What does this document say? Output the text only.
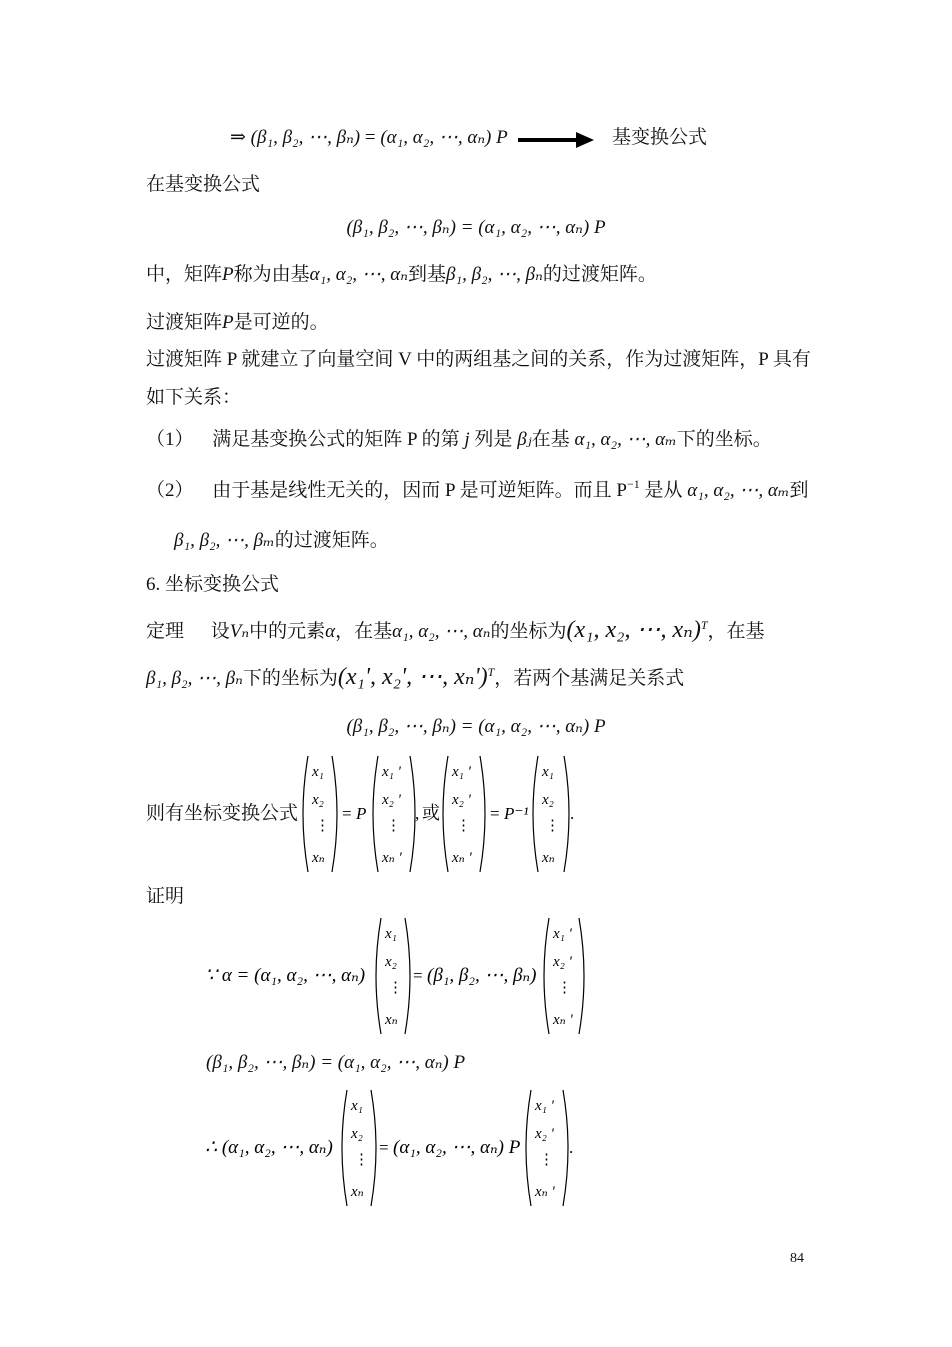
⇒ (β₁, β₂, ⋯, βₙ) = (α₁, α₂, ⋯, αₙ) P	基变换公式
在基变换公式
(β₁, β₂, ⋯, βₙ) = (α₁, α₂, ⋯, αₙ) P
中，矩阵P称为由基α₁, α₂, ⋯, αₙ到基β₁, β₂, ⋯, βₙ的过渡矩阵。
过渡矩阵P是可逆的。
过渡矩阵 P 就建立了向量空间 V 中的两组基之间的关系，作为过渡矩阵，P 具有
如下关系：
（1） 满足基变换公式的矩阵 P 的第 j 列是 βⱼ在基 α₁, α₂, ⋯, αₘ下的坐标。
（2） 由于基是线性无关的，因而 P 是可逆矩阵。而且 $P^{-1}$ 是从 α₁, α₂, ⋯, αₘ到
β₁, β₂, ⋯, βₘ的过渡矩阵。
6. 坐标变换公式
定理 设Vₙ中的元素α，在基α₁, α₂, ⋯, αₙ的坐标为(x₁, x₂, ⋯, xₙ)$^T$，在基
β₁, β₂, ⋯, βₙ下的坐标为(x₁', x₂', ⋯, xₙ')$^T$，若两个基满足关系式
(β₁, β₂, ⋯, βₙ) = (α₁, α₂, ⋯, αₙ) P
则有坐标变换公式
x₁
x₂
⋮
xₙ
= P
x₁ '
x₂ '
⋮
xₙ '
, 或
x₁ '
x₂ '
⋮
xₙ '
= P⁻¹
x₁
x₂
⋮
xₙ
.
证明
∵ α = (α₁, α₂, ⋯, αₙ)
x₁
x₂
⋮
xₙ
= (β₁, β₂, ⋯, βₙ)
x₁ '
x₂ '
⋮
xₙ '
(β₁, β₂, ⋯, βₙ) = (α₁, α₂, ⋯, αₙ) P
∴ (α₁, α₂, ⋯, αₙ)
x₁
x₂
⋮
xₙ
= (α₁, α₂, ⋯, αₙ) P
x₁ '
x₂ '
⋮
xₙ '
.
84
